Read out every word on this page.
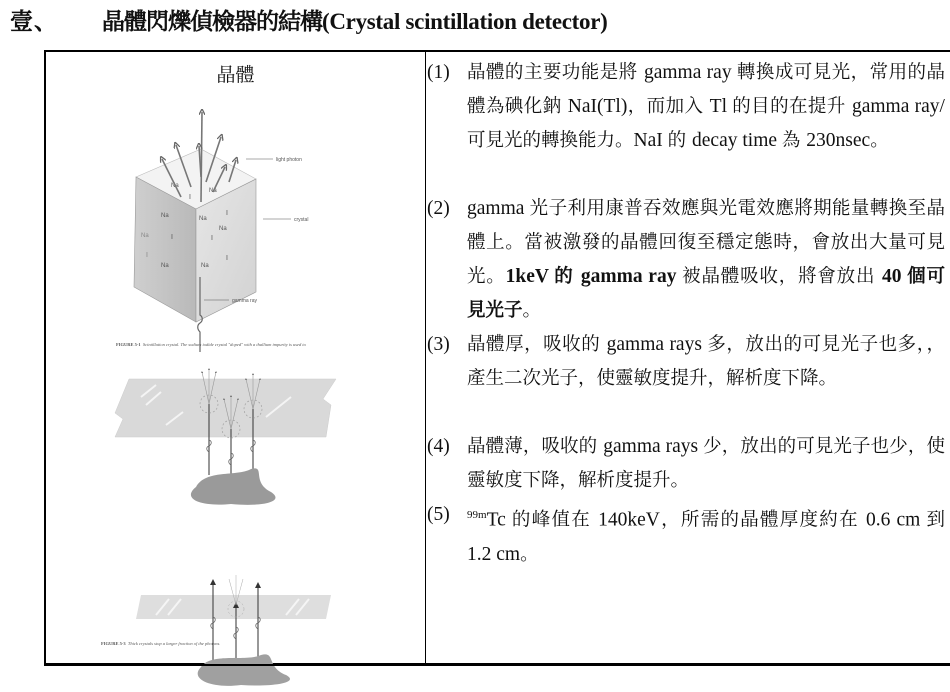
壹、	晶體閃爍偵檢器的結構 (Crystal scintillation detector)
晶體
Na
Na
I
Na	Na
I
I	I
Na
Na	Na
I
Na
I
light photon
crystal
gamma ray
FIGURE 5-1 Scintillation crystal. The sodium iodide crystal "doped" with a thallium impurity is used to
FIGURE 5-3 Thick crystals stop a larger fraction of the photons.
(1) 晶體的主要功能是將 gamma ray 轉換成可見光，常用的晶體為碘化鈉 NaI(Tl)，而加入 Tl 的目的在提升 gamma ray/可見光的轉換能力。NaI 的 decay time 為 230nsec。
(2) gamma 光子利用康普吞效應與光電效應將期能量轉換至晶體上。當被激發的晶體回復至穩定態時，會放出大量可見光。1keV 的 gamma ray 被晶體吸收，將會放出 40 個可見光子。
(3) 晶體厚，吸收的 gamma rays 多，放出的可見光子也多，，產生二次光子，使靈敏度提升，解析度下降。
(4) 晶體薄，吸收的 gamma rays 少，放出的可見光子也少，使靈敏度下降，解析度提升。
(5) $^{99m}$Tc 的峰值在 140keV，所需的晶體厚度約在 0.6 cm 到 1.2 cm。
